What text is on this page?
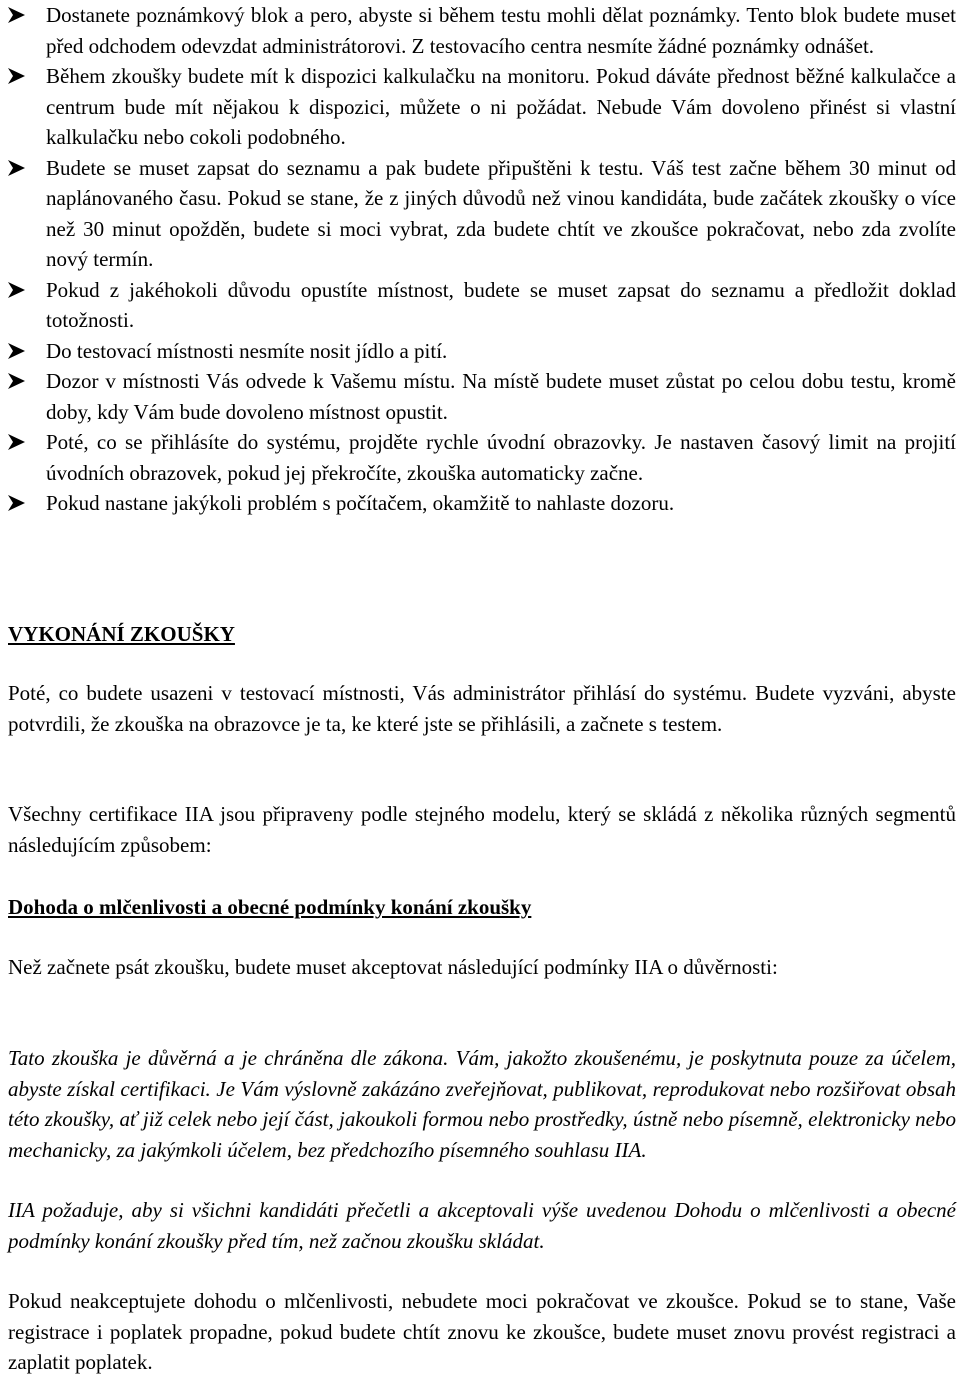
Dostanete poznámkový blok a pero, abyste si během testu mohli dělat poznámky. Tento blok budete muset před odchodem odevzdat administrátorovi. Z testovacího centra nesmíte žádné poznámky odnášet.
Během zkoušky budete mít k dispozici kalkulačku na monitoru. Pokud dáváte přednost běžné kalkulačce a centrum bude mít nějakou k dispozici, můžete o ni požádat. Nebude Vám dovoleno přinést si vlastní kalkulačku nebo cokoli podobného.
Budete se muset zapsat do seznamu a pak budete připuštěni k testu. Váš test začne během 30 minut od naplánovaného času. Pokud se stane, že z jiných důvodů než vinou kandidáta, bude začátek zkoušky o více než 30 minut opožděn, budete si moci vybrat, zda budete chtít ve zkoušce pokračovat, nebo zda zvolíte nový termín.
Pokud z jakéhokoli důvodu opustíte místnost, budete se muset zapsat do seznamu a předložit doklad totožnosti.
Do testovací místnosti nesmíte nosit jídlo a pití.
Dozor v místnosti Vás odvede k Vašemu místu. Na místě budete muset zůstat po celou dobu testu, kromě doby, kdy Vám bude dovoleno místnost opustit.
Poté, co se přihlásíte do systému, projděte rychle úvodní obrazovky. Je nastaven časový limit na projití úvodních obrazovek, pokud jej překročíte, zkouška automaticky začne.
Pokud nastane jakýkoli problém s počítačem, okamžitě to nahlaste dozoru.
VYKONÁNÍ ZKOUŠKY

Poté, co budete usazeni v testovací místnosti, Vás administrátor přihlásí do systému. Budete vyzváni, abyste potvrdili, že zkouška na obrazovce je ta, ke které jste se přihlásili, a začnete s testem.

Všechny certifikace IIA jsou připraveny podle stejného modelu, který se skládá z několika různých segmentů následujícím způsobem:

Dohoda o mlčenlivosti a obecné podmínky konání zkoušky

Než začnete psát zkoušku, budete muset akceptovat následující podmínky IIA o důvěrnosti:

Tato zkouška je důvěrná a je chráněna dle zákona. Vám, jakožto zkoušenému, je poskytnuta pouze za účelem, abyste získal certifikaci. Je Vám výslovně zakázáno zveřejňovat, publikovat, reprodukovat nebo rozšiřovat obsah této zkoušky, ať již celek nebo její část, jakoukoli formou nebo prostředky, ústně nebo písemně, elektronicky nebo mechanicky, za jakýmkoli účelem, bez předchozího písemného souhlasu IIA.

IIA požaduje, aby si všichni kandidáti přečetli a akceptovali výše uvedenou Dohodu o mlčenlivosti a obecné podmínky konání zkoušky před tím, než začnou zkoušku skládat.

Pokud neakceptujete dohodu o mlčenlivosti, nebudete moci pokračovat ve zkoušce. Pokud se to stane, Vaše registrace i poplatek propadne, pokud budete chtít znovu ke zkoušce, budete muset znovu provést registraci a zaplatit poplatek.
